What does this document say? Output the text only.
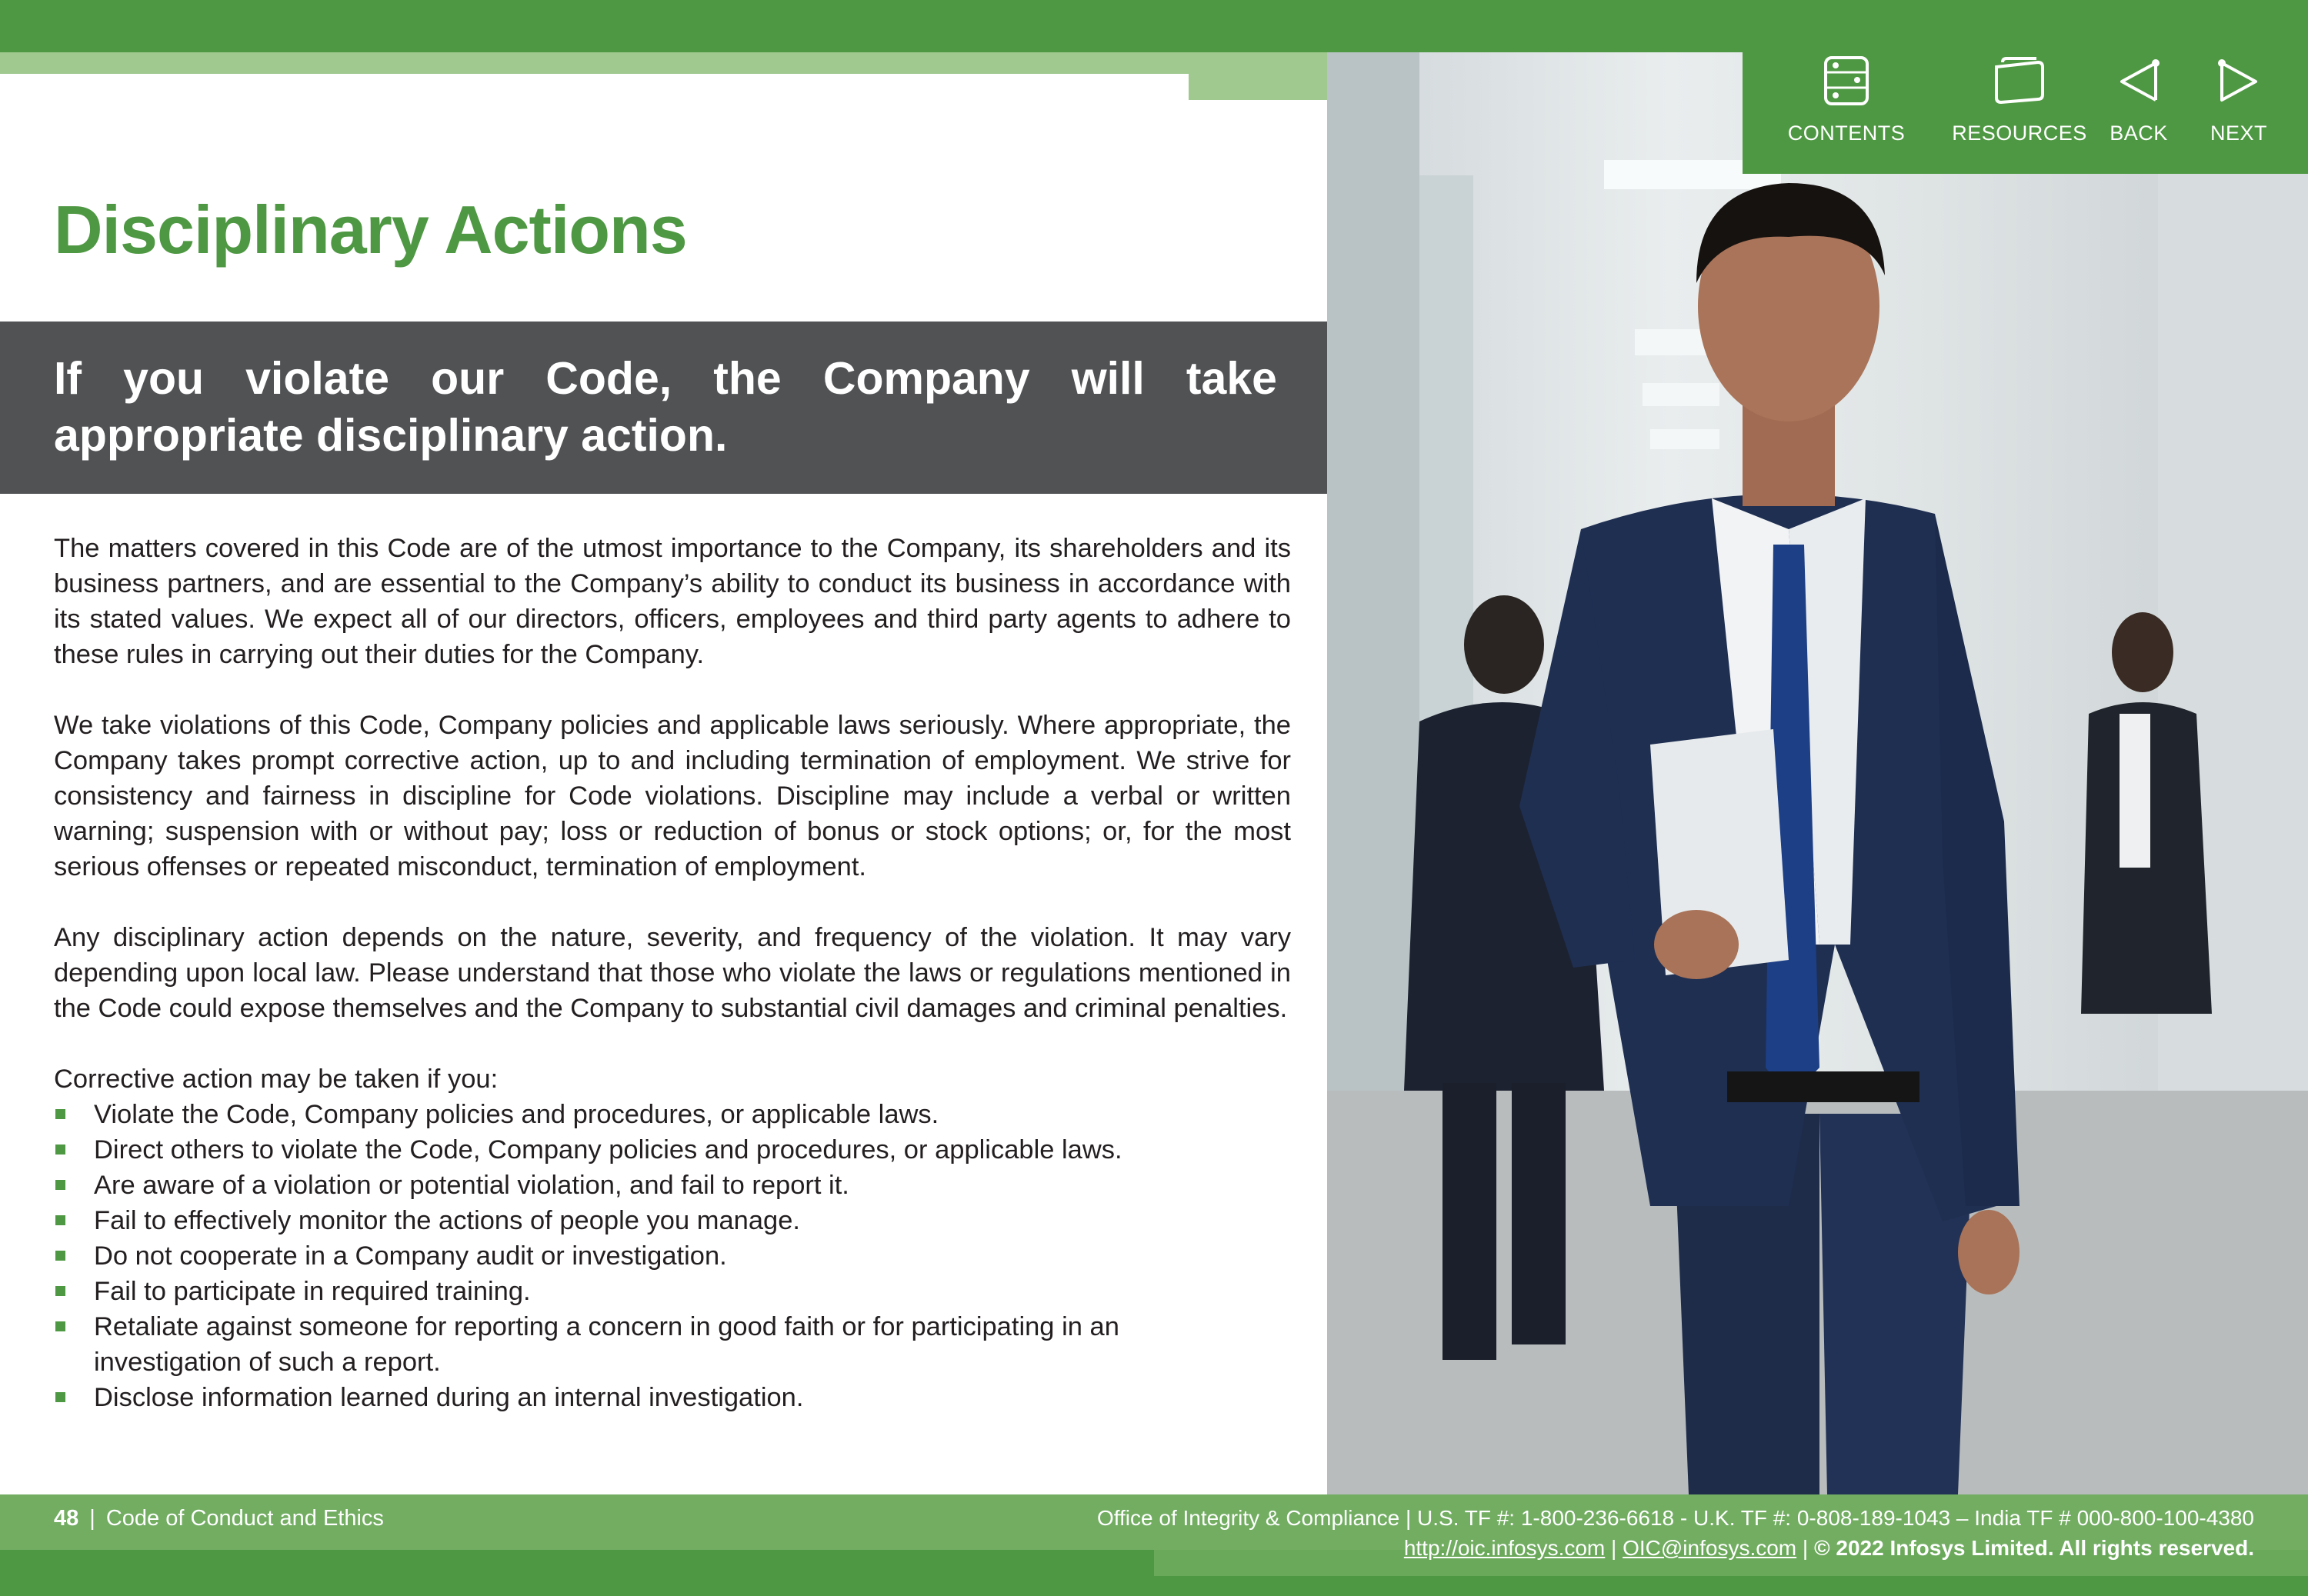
CONTENTS RESOURCES BACK NEXT
Disciplinary Actions
If you violate our Code, the Company will take appropriate disciplinary action.

The matters covered in this Code are of the utmost importance to the Company, its shareholders and its business partners, and are essential to the Company’s ability to conduct its business in accordance with its stated values. We expect all of our directors, officers, employees and third party agents to adhere to these rules in carrying out their duties for the Company.

We take violations of this Code, Company policies and applicable laws seriously. Where appropriate, the Company takes prompt corrective action, up to and including termination of employment. We strive for consistency and fairness in discipline for Code violations. Discipline may include a verbal or written warning; suspension with or without pay; loss or reduction of bonus or stock options; or, for the most serious offenses or repeated misconduct, termination of employment.

Any disciplinary action depends on the nature, severity, and frequency of the violation. It may vary depending upon local law. Please understand that those who violate the laws or regulations mentioned in the Code could expose themselves and the Company to substantial civil damages and criminal penalties.

Corrective action may be taken if you:

Violate the Code, Company policies and procedures, or applicable laws.
Direct others to violate the Code, Company policies and procedures, or applicable laws.
Are aware of a violation or potential violation, and fail to report it.
Fail to effectively monitor the actions of people you manage.
Do not cooperate in a Company audit or investigation.
Fail to participate in required training.
Retaliate against someone for reporting a concern in good faith or for participating in an investigation of such a report.
Disclose information learned during an internal investigation.
48 | Code of Conduct and Ethics	Office of Integrity & Compliance | U.S. TF #: 1-800-236-6618 - U.K. TF #: 0-808-189-1043 – India TF # 000-800-100-4380
http://oic.infosys.com | OIC@infosys.com | © 2022 Infosys Limited. All rights reserved.
